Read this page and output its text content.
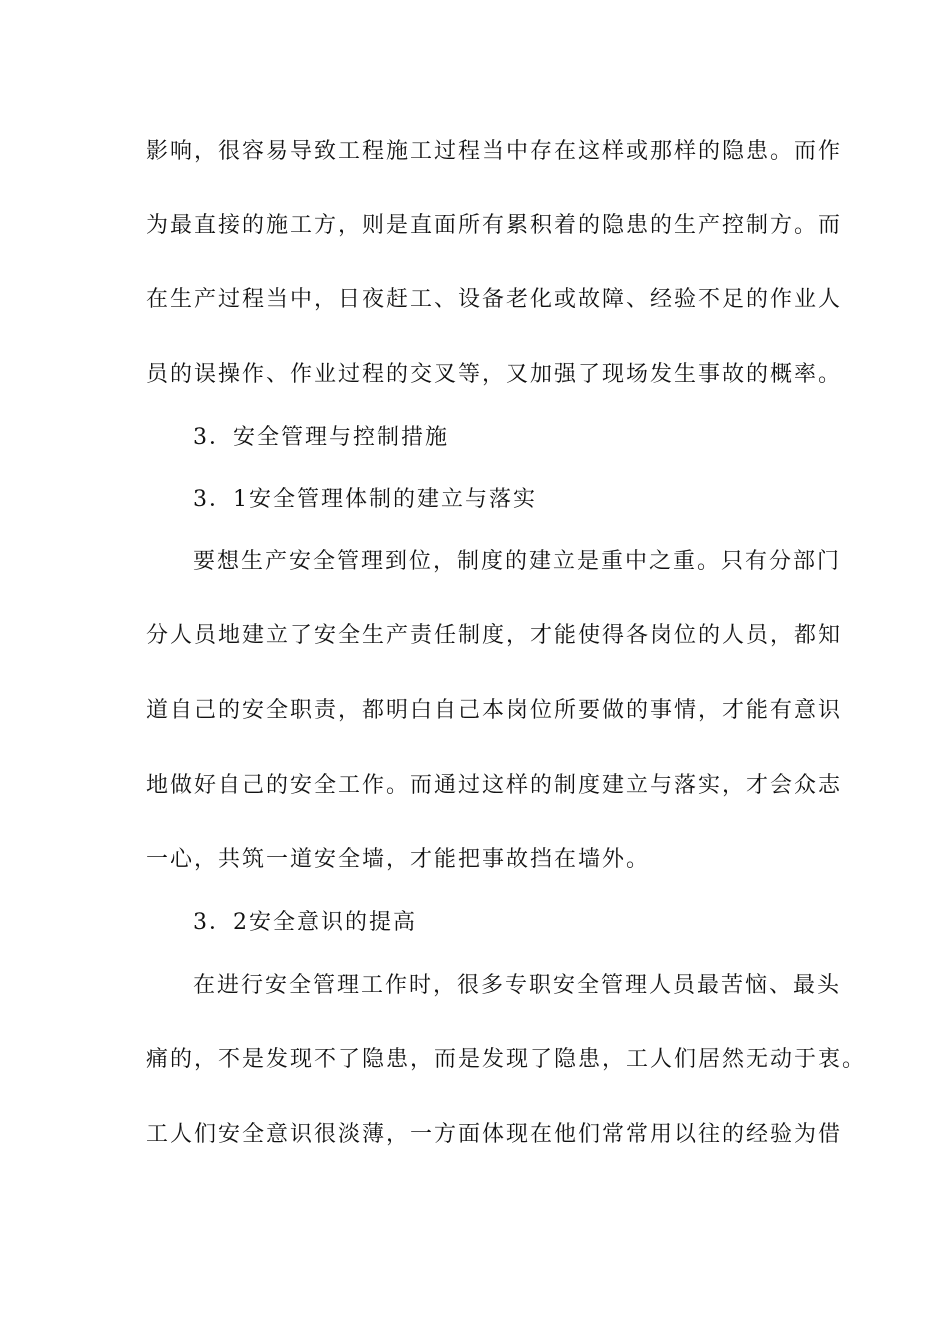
影响，很容易导致工程施工过程当中存在这样或那样的隐患。而作
为最直接的施工方，则是直面所有累积着的隐患的生产控制方。而
在生产过程当中，日夜赶工、设备老化或故障、经验不足的作业人
员的误操作、作业过程的交叉等，又加强了现场发生事故的概率。
3．安全管理与控制措施
3．1安全管理体制的建立与落实
要想生产安全管理到位，制度的建立是重中之重。只有分部门
分人员地建立了安全生产责任制度，才能使得各岗位的人员，都知
道自己的安全职责，都明白自己本岗位所要做的事情，才能有意识
地做好自己的安全工作。而通过这样的制度建立与落实，才会众志
一心，共筑一道安全墙，才能把事故挡在墙外。
3．2安全意识的提高
在进行安全管理工作时，很多专职安全管理人员最苦恼、最头
痛的，不是发现不了隐患，而是发现了隐患，工人们居然无动于衷。
工人们安全意识很淡薄，一方面体现在他们常常用以往的经验为借
